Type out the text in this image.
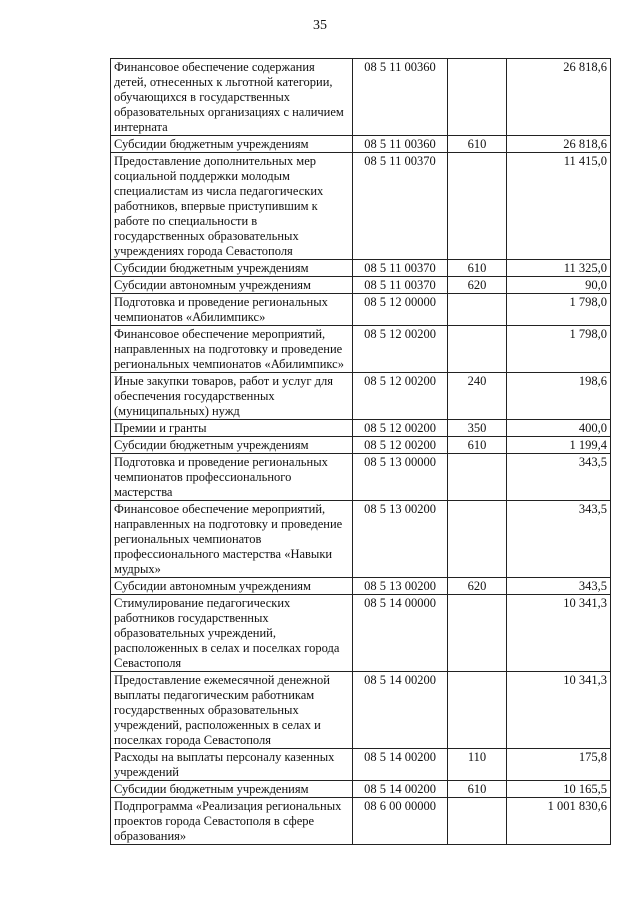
35
Финансовое обеспечение содержания детей, отнесенных к льготной категории, обучающихся в государственных образовательных организациях с наличием интерната	08 5 11 00360		26 818,6
Субсидии бюджетным учреждениям	08 5 11 00360	610	26 818,6
Предоставление дополнительных мер социальной поддержки молодым специалистам из числа педагогических работников, впервые приступившим к работе по специальности в государственных образовательных учреждениях города Севастополя	08 5 11 00370		11 415,0
Субсидии бюджетным учреждениям	08 5 11 00370	610	11 325,0
Субсидии автономным учреждениям	08 5 11 00370	620	90,0
Подготовка и проведение региональных чемпионатов «Абилимпикс»	08 5 12 00000		1 798,0
Финансовое обеспечение мероприятий, направленных на подготовку и проведение региональных чемпионатов «Абилимпикс»	08 5 12 00200		1 798,0
Иные закупки товаров, работ и услуг для обеспечения государственных (муниципальных) нужд	08 5 12 00200	240	198,6
Премии и гранты	08 5 12 00200	350	400,0
Субсидии бюджетным учреждениям	08 5 12 00200	610	1 199,4
Подготовка и проведение региональных чемпионатов профессионального мастерства	08 5 13 00000		343,5
Финансовое обеспечение мероприятий, направленных на подготовку и проведение региональных чемпионатов профессионального мастерства «Навыки мудрых»	08 5 13 00200		343,5
Субсидии автономным учреждениям	08 5 13 00200	620	343,5
Стимулирование педагогических работников государственных образовательных учреждений, расположенных в селах и поселках города Севастополя	08 5 14 00000		10 341,3
Предоставление ежемесячной денежной выплаты педагогическим работникам государственных образовательных учреждений, расположенных в селах и поселках города Севастополя	08 5 14 00200		10 341,3
Расходы на выплаты персоналу казенных учреждений	08 5 14 00200	110	175,8
Субсидии бюджетным учреждениям	08 5 14 00200	610	10 165,5
Подпрограмма «Реализация региональных проектов города Севастополя в сфере образования»	08 6 00 00000		1 001 830,6
